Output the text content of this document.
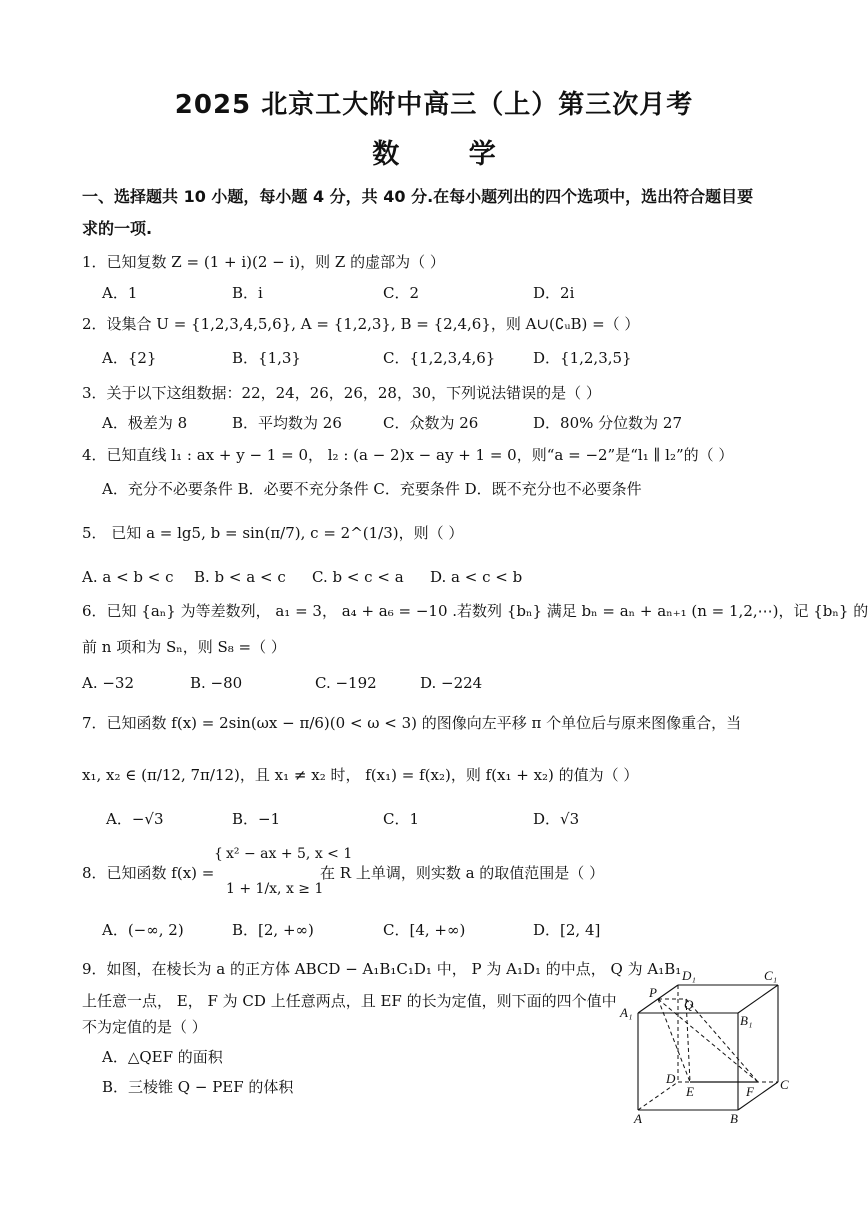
2025 北京工大附中高三（上）第三次月考
数 学
一、选择题共 10 小题，每小题 4 分，共 40 分.在每小题列出的四个选项中，选出符合题目要
求的一项.
1．已知复数 Z = (1 + i)(2 − i)，则 Z 的虚部为（ ）
A．1	B．i	C．2	D．2i
2．设集合 U = {1,2,3,4,5,6}, A = {1,2,3}, B = {2,4,6}，则 A∪(∁ᵤB) =（ ）
A．{2}	B．{1,3}	C．{1,2,3,4,6}	D．{1,2,3,5}
3．关于以下这组数据：22，24，26，26，28，30，下列说法错误的是（ ）
A．极差为 8	B．平均数为 26	C．众数为 26	D．80% 分位数为 27
4．已知直线 l₁ : ax + y − 1 = 0， l₂ : (a − 2)x − ay + 1 = 0，则“a = −2”是“l₁ ∥ l₂”的（ ）
A．充分不必要条件 B．必要不充分条件 C．充要条件 D．既不充分也不必要条件
5． 已知 a = lg5, b = sin(π/7), c = 2^(1/3)，则（ ）
A. a < b < c B. b < a < c C. b < c < a D. a < c < b
6．已知 {aₙ} 为等差数列， a₁ = 3， a₄ + a₆ = −10 .若数列 {bₙ} 满足 bₙ = aₙ + aₙ₊₁ (n = 1,2,⋯)，记 {bₙ} 的
前 n 项和为 Sₙ，则 S₈ =（ ）
A. −32	B. −80	C. −192	D. −224
7．已知函数 f(x) = 2sin(ωx − π/6)(0 < ω < 3) 的图像向左平移 π 个单位后与原来图像重合，当
x₁, x₂ ∈ (π/12, 7π/12)，且 x₁ ≠ x₂ 时， f(x₁) = f(x₂)，则 f(x₁ + x₂) 的值为（ ）
A．−√3	B．−1	C．1	D．√3
8．已知函数 f(x) =
{ x² − ax + 5, x < 1
1 + 1/x, x ≥ 1
在 R 上单调，则实数 a 的取值范围是（ ）
A．(−∞, 2)	B．[2, +∞)	C．[4, +∞)	D．[2, 4]
9．如图，在棱长为 a 的正方体 ABCD − A₁B₁C₁D₁ 中， P 为 A₁D₁ 的中点， Q 为 A₁B₁
上任意一点， E， F 为 CD 上任意两点，且 EF 的长为定值，则下面的四个值中
不为定值的是（ ）
A．△QEF 的面积
B．三棱锥 Q − PEF 的体积
A₁
D₁	C₁
B₁
P
Q
D
E	F C
A	B
